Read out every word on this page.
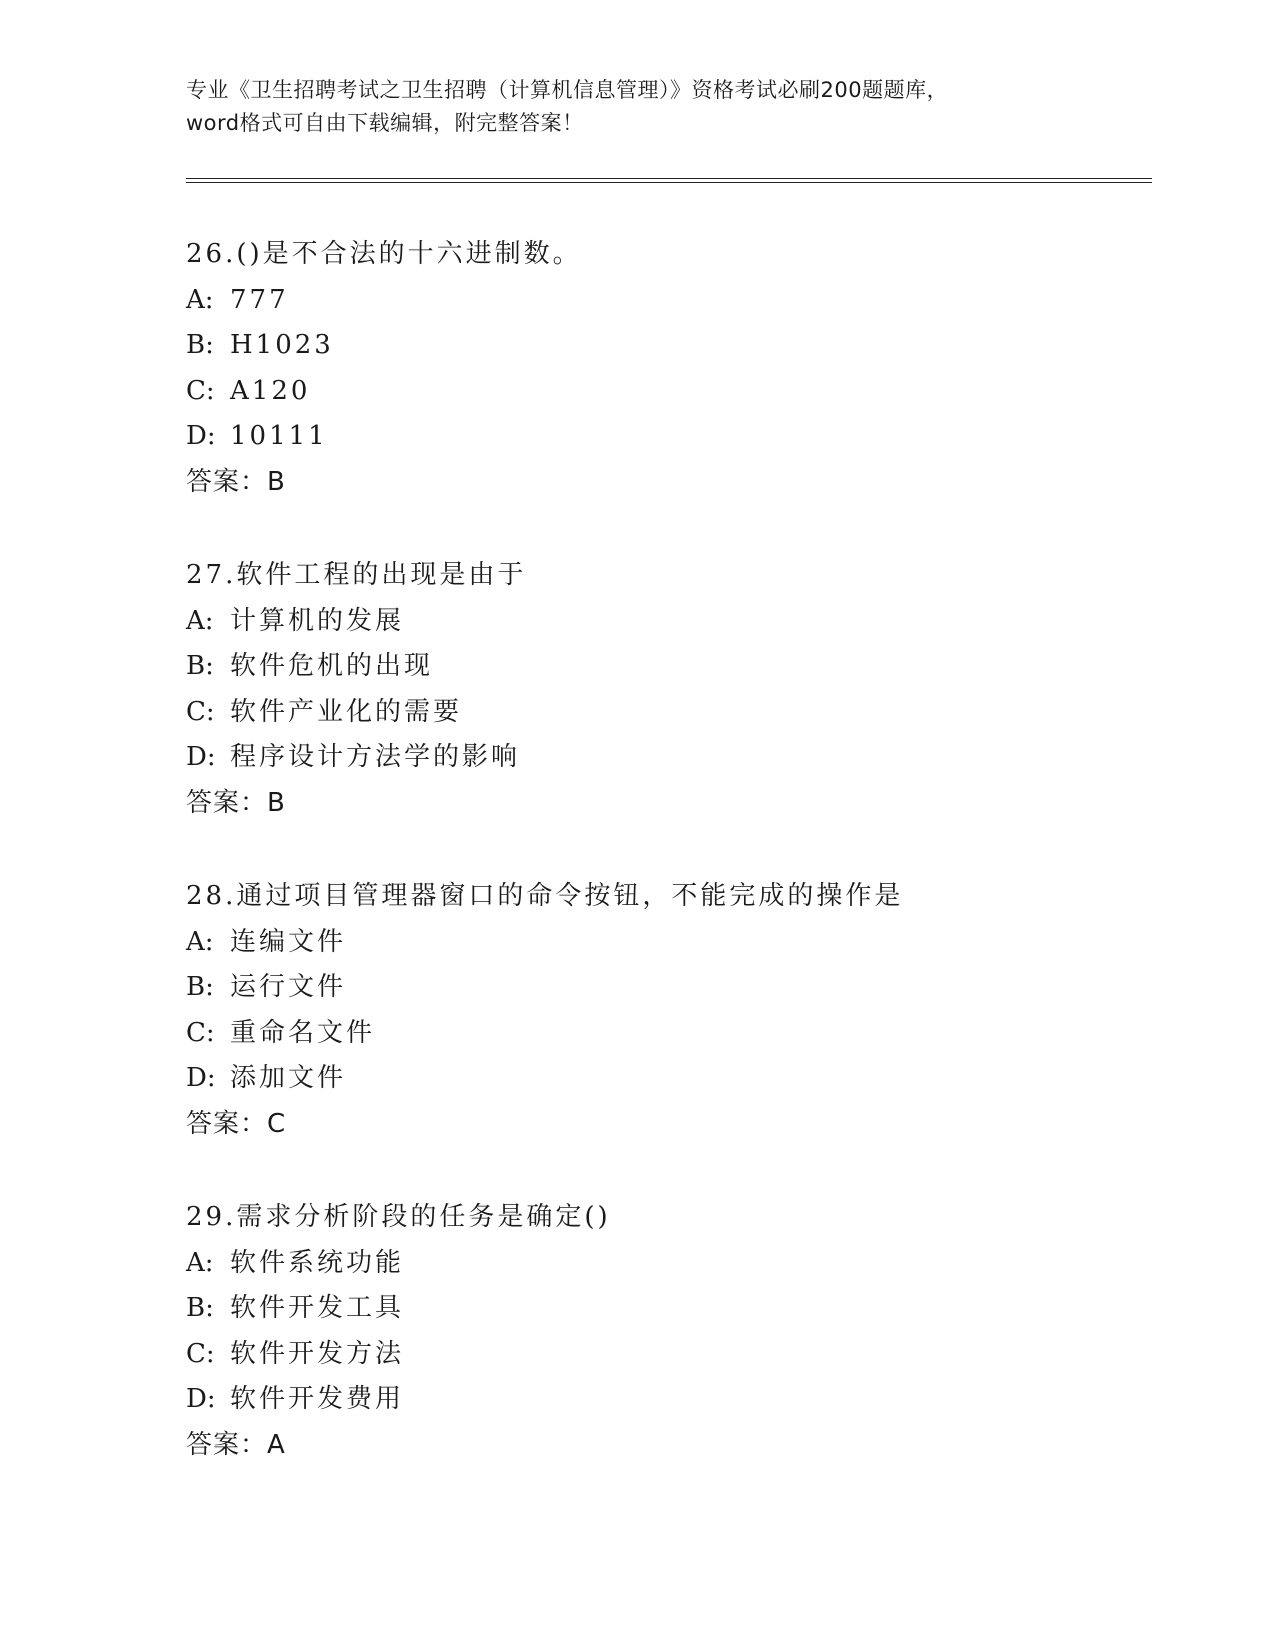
专业《卫生招聘考试之卫生招聘（计算机信息管理）》资格考试必刷200题题库，

word格式可自由下载编辑，附完整答案！

26.()是不合法的十六进制数。
A: 777
B: H1023
C: A120
D: 10111
答案：B
27.软件工程的出现是由于
A: 计算机的发展
B: 软件危机的出现
C: 软件产业化的需要
D: 程序设计方法学的影响
答案：B
28.通过项目管理器窗口的命令按钮，不能完成的操作是
A: 连编文件
B: 运行文件
C: 重命名文件
D: 添加文件
答案：C
29.需求分析阶段的任务是确定()
A: 软件系统功能
B: 软件开发工具
C: 软件开发方法
D: 软件开发费用
答案：A
